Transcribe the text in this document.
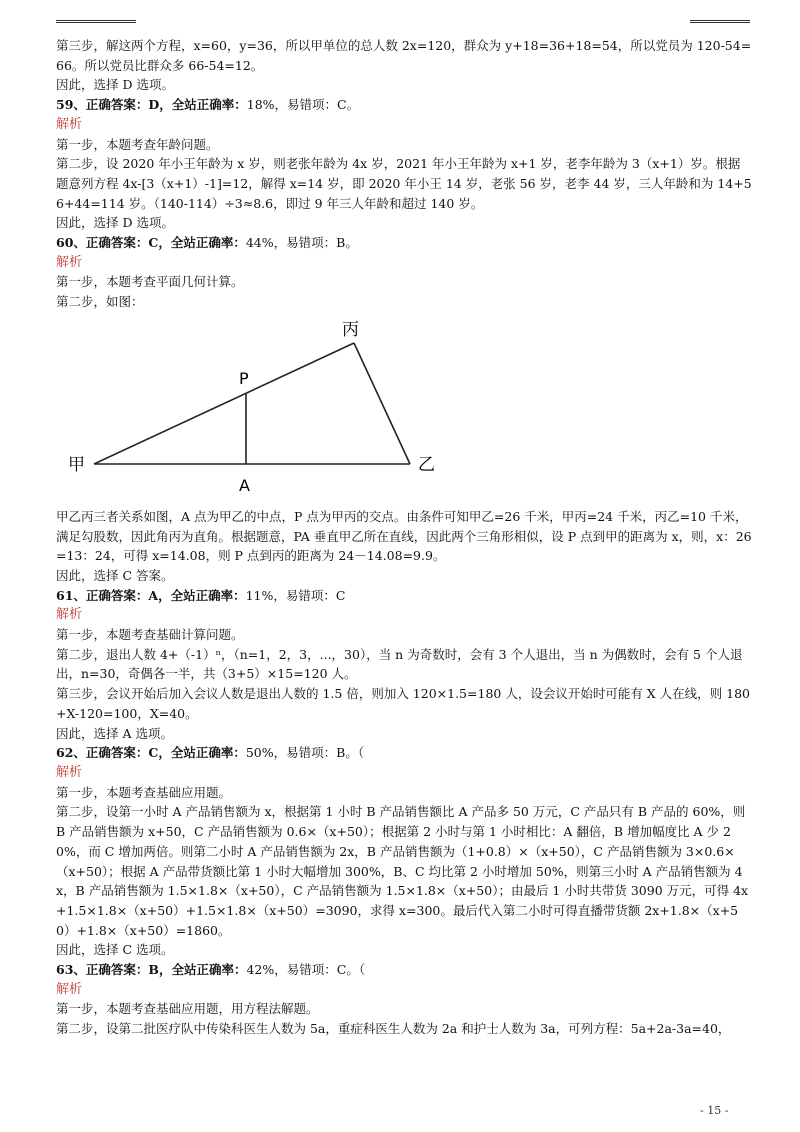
第三步，解这两个方程，x=60，y=36，所以甲单位的总人数 2x=120，群众为 y+18=36+18=54，所以党员为 120-54=66。所以党员比群众多 66-54=12。
因此，选择 D 选项。
59、正确答案：D，全站正确率：18%，易错项：C。
解析
第一步，本题考查年龄问题。
第二步，设 2020 年小王年龄为 x 岁，则老张年龄为 4x 岁，2021 年小王年龄为 x+1 岁，老李年龄为 3（x+1）岁。根据题意列方程 4x-[3（x+1）-1]=12，解得 x=14 岁，即 2020 年小王 14 岁，老张 56 岁，老李 44 岁，三人年龄和为 14+56+44=114 岁。（140-114）÷3≈8.6，即过 9 年三人年龄和超过 140 岁。
因此，选择 D 选项。
60、正确答案：C，全站正确率：44%，易错项：B。
解析
第一步，本题考查平面几何计算。
第二步，如图：
甲	乙
丙
P
A
甲乙丙三者关系如图，A 点为甲乙的中点，P 点为甲丙的交点。由条件可知甲乙=26 千米，甲丙=24 千米，丙乙=10 千米，满足勾股数，因此角丙为直角。根据题意，PA 垂直甲乙所在直线，因此两个三角形相似，设 P 点到甲的距离为 x，则，x：26=13：24，可得 x=14.08，则 P 点到丙的距离为 24－14.08=9.9。
因此，选择 C 答案。
61、正确答案：A，全站正确率：11%，易错项：C
解析
第一步，本题考查基础计算问题。
第二步，退出人数 4+（-1）ⁿ，（n=1，2，3，...，30），当 n 为奇数时，会有 3 个人退出，当 n 为偶数时，会有 5 个人退出，n=30，奇偶各一半，共（3+5）×15=120 人。
第三步，会议开始后加入会议人数是退出人数的 1.5 倍，则加入 120×1.5=180 人，设会议开始时可能有 X 人在线，则 180+X-120=100，X=40。
因此，选择 A 选项。
62、正确答案：C，全站正确率：50%，易错项：B。（
解析
第一步，本题考查基础应用题。
第二步，设第一小时 A 产品销售额为 x，根据第 1 小时 B 产品销售额比 A 产品多 50 万元，C 产品只有 B 产品的 60%，则 B 产品销售额为 x+50，C 产品销售额为 0.6×（x+50）；根据第 2 小时与第 1 小时相比：A 翻倍，B 增加幅度比 A 少 20%，而 C 增加两倍。则第二小时 A 产品销售额为 2x，B 产品销售额为（1+0.8）×（x+50），C 产品销售额为 3×0.6×（x+50）；根据 A 产品带货额比第 1 小时大幅增加 300%，B、C 均比第 2 小时增加 50%，则第三小时 A 产品销售额为 4x，B 产品销售额为 1.5×1.8×（x+50），C 产品销售额为 1.5×1.8×（x+50）；由最后 1 小时共带货 3090 万元，可得 4x+1.5×1.8×（x+50）+1.5×1.8×（x+50）=3090，求得 x=300。最后代入第二小时可得直播带货额 2x+1.8×（x+50）+1.8×（x+50）=1860。
因此，选择 C 选项。
63、正确答案：B，全站正确率：42%，易错项：C。（
解析
第一步，本题考查基础应用题，用方程法解题。
第二步，设第二批医疗队中传染科医生人数为 5a，重症科医生人数为 2a 和护士人数为 3a，可列方程：5a+2a-3a=40，
- 15 -
